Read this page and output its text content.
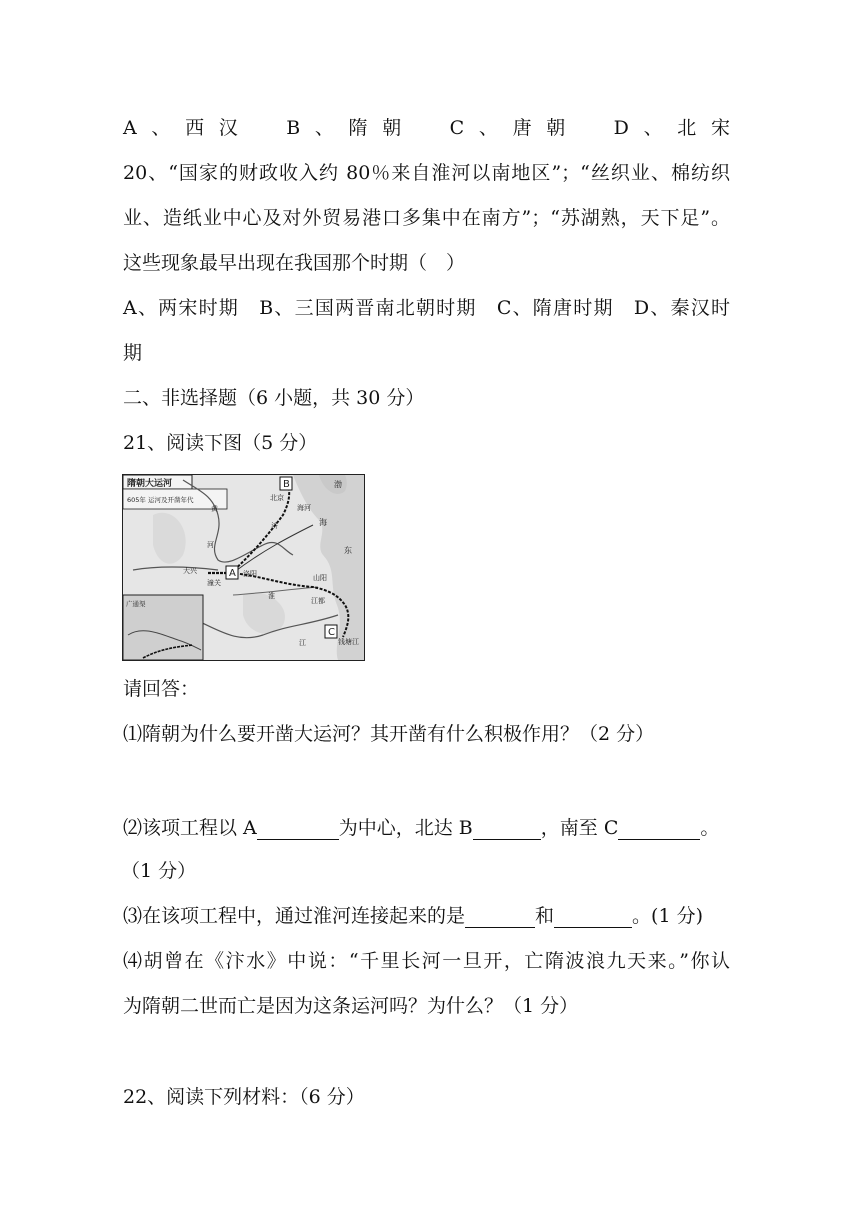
A、西汉　B、隋朝　C、唐朝　D、北宋
20、“国家的财政收入约 80％来自淮河以南地区”；“丝织业、棉纺织
业、造纸业中心及对外贸易港口多集中在南方”；“苏湖熟，天下足”。
这些现象最早出现在我国那个时期（　）
A、两宋时期　B、三国两晋南北朝时期　C、隋唐时期　D、秦汉时
期
二、非选择题（6 小题，共 30 分）
21、阅读下图（5 分）
隋朝大运河
605年 运河及开凿年代
B
A
C
北京
大兴
潼关
洛阳	山阳
江都
钱塘江
海河
渤
海
东
黄
河
济
淮
江
广通渠
请回答：
⑴隋朝为什么要开凿大运河？其开凿有什么积极作用？（2 分）
⑵该项工程以 A	为中心，北达 B	，南至 C	。
（1 分）
⑶在该项工程中，通过淮河连接起来的是	和	。(1 分)
⑷胡曾在《汴水》中说：“千里长河一旦开，亡隋波浪九天来。”你认
为隋朝二世而亡是因为这条运河吗？为什么？（1 分）
22、阅读下列材料：（6 分）
